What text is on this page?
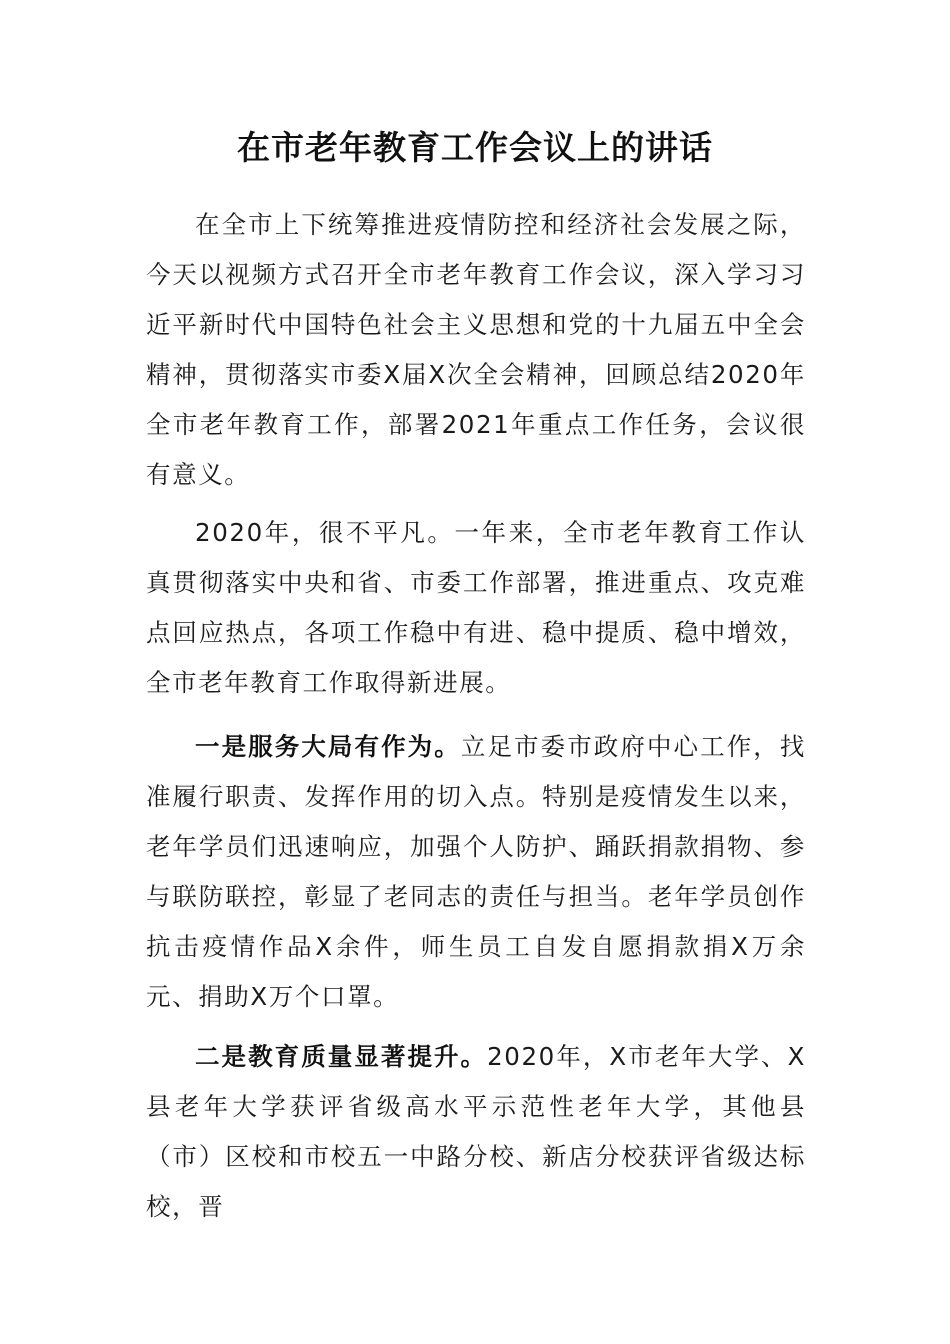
在市老年教育工作会议上的讲话

在全市上下统筹推进疫情防控和经济社会发展之际，今天以视频方式召开全市老年教育工作会议，深入学习习近平新时代中国特色社会主义思想和党的十九届五中全会精神，贯彻落实市委X届X次全会精神，回顾总结2020年全市老年教育工作，部署2021年重点工作任务，会议很有意义。

2020年，很不平凡。一年来，全市老年教育工作认真贯彻落实中央和省、市委工作部署，推进重点、攻克难点回应热点，各项工作稳中有进、稳中提质、稳中增效，全市老年教育工作取得新进展。

一是服务大局有作为。立足市委市政府中心工作，找准履行职责、发挥作用的切入点。特别是疫情发生以来，老年学员们迅速响应，加强个人防护、踊跃捐款捐物、参与联防联控，彰显了老同志的责任与担当。老年学员创作抗击疫情作品X余件，师生员工自发自愿捐款捐X万余元、捐助X万个口罩。

二是教育质量显著提升。2020年，X市老年大学、X县老年大学获评省级高水平示范性老年大学，其他县（市）区校和市校五一中路分校、新店分校获评省级达标校，晋
